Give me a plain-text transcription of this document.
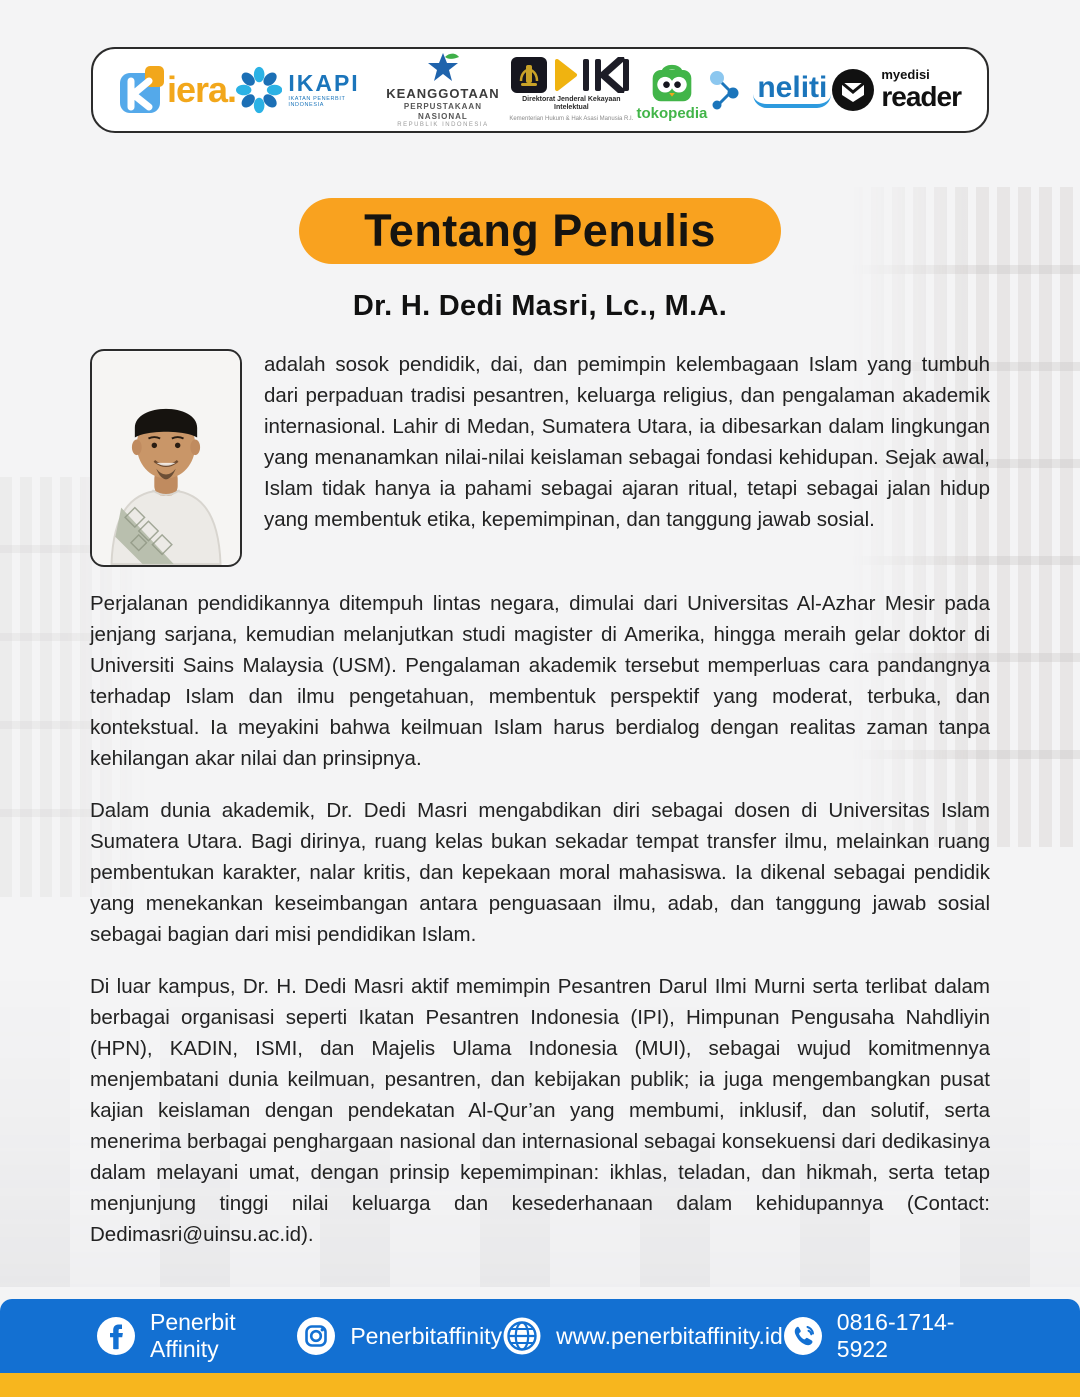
iera. IKAPI
IKATAN PENERBIT INDONESIA
KEANGGOTAAN
PERPUSTAKAAN NASIONAL
REPUBLIK INDONESIA
Direktorat Jenderal Kekayaan Intelektual
Kementerian Hukum & Hak Asasi Manusia R.I. tokopedia
neliti	myedisi
reader
Tentang Penulis
Dr. H. Dedi Masri, Lc., M.A.

adalah sosok pendidik, dai, dan pemimpin kelembagaan Islam yang tumbuh dari perpaduan tradisi pesantren, keluarga religius, dan pengalaman akademik internasional. Lahir di Medan, Sumatera Utara, ia dibesarkan dalam lingkungan yang menanamkan nilai-nilai keislaman sebagai fondasi kehidupan. Sejak awal, Islam tidak hanya ia pahami sebagai ajaran ritual, tetapi sebagai jalan hidup yang membentuk etika, kepemimpinan, dan tanggung jawab sosial.

Perjalanan pendidikannya ditempuh lintas negara, dimulai dari Universitas Al-Azhar Mesir pada jenjang sarjana, kemudian melanjutkan studi magister di Amerika, hingga meraih gelar doktor di Universiti Sains Malaysia (USM). Pengalaman akademik tersebut memperluas cara pandangnya terhadap Islam dan ilmu pengetahuan, membentuk perspektif yang moderat, terbuka, dan kontekstual. Ia meyakini bahwa keilmuan Islam harus berdialog dengan realitas zaman tanpa kehilangan akar nilai dan prinsipnya.

Dalam dunia akademik, Dr. Dedi Masri mengabdikan diri sebagai dosen di Universitas Islam Sumatera Utara. Bagi dirinya, ruang kelas bukan sekadar tempat transfer ilmu, melainkan ruang pembentukan karakter, nalar kritis, dan kepekaan moral mahasiswa. Ia dikenal sebagai pendidik yang menekankan keseimbangan antara penguasaan ilmu, adab, dan tanggung jawab sosial sebagai bagian dari misi pendidikan Islam.

Di luar kampus, Dr. H. Dedi Masri aktif memimpin Pesantren Darul Ilmi Murni serta terlibat dalam berbagai organisasi seperti Ikatan Pesantren Indonesia (IPI), Himpunan Pengusaha Nahdliyin (HPN), KADIN, ISMI, dan Majelis Ulama Indonesia (MUI), sebagai wujud komitmennya menjembatani dunia keilmuan, pesantren, dan kebijakan publik; ia juga mengembangkan pusat kajian keislaman dengan pendekatan Al-Qur’an yang membumi, inklusif, dan solutif, serta menerima berbagai penghargaan nasional dan internasional sebagai konsekuensi dari dedikasinya dalam melayani umat, dengan prinsip kepemimpinan: ikhlas, teladan, dan hikmah, serta tetap menjunjung tinggi nilai keluarga dan kesederhanaan dalam kehidupannya (Contact: Dedimasri@uinsu.ac.id).

Penerbit Affinity
Penerbitaffinity www.penerbitaffinity.id
0816-1714-5922
